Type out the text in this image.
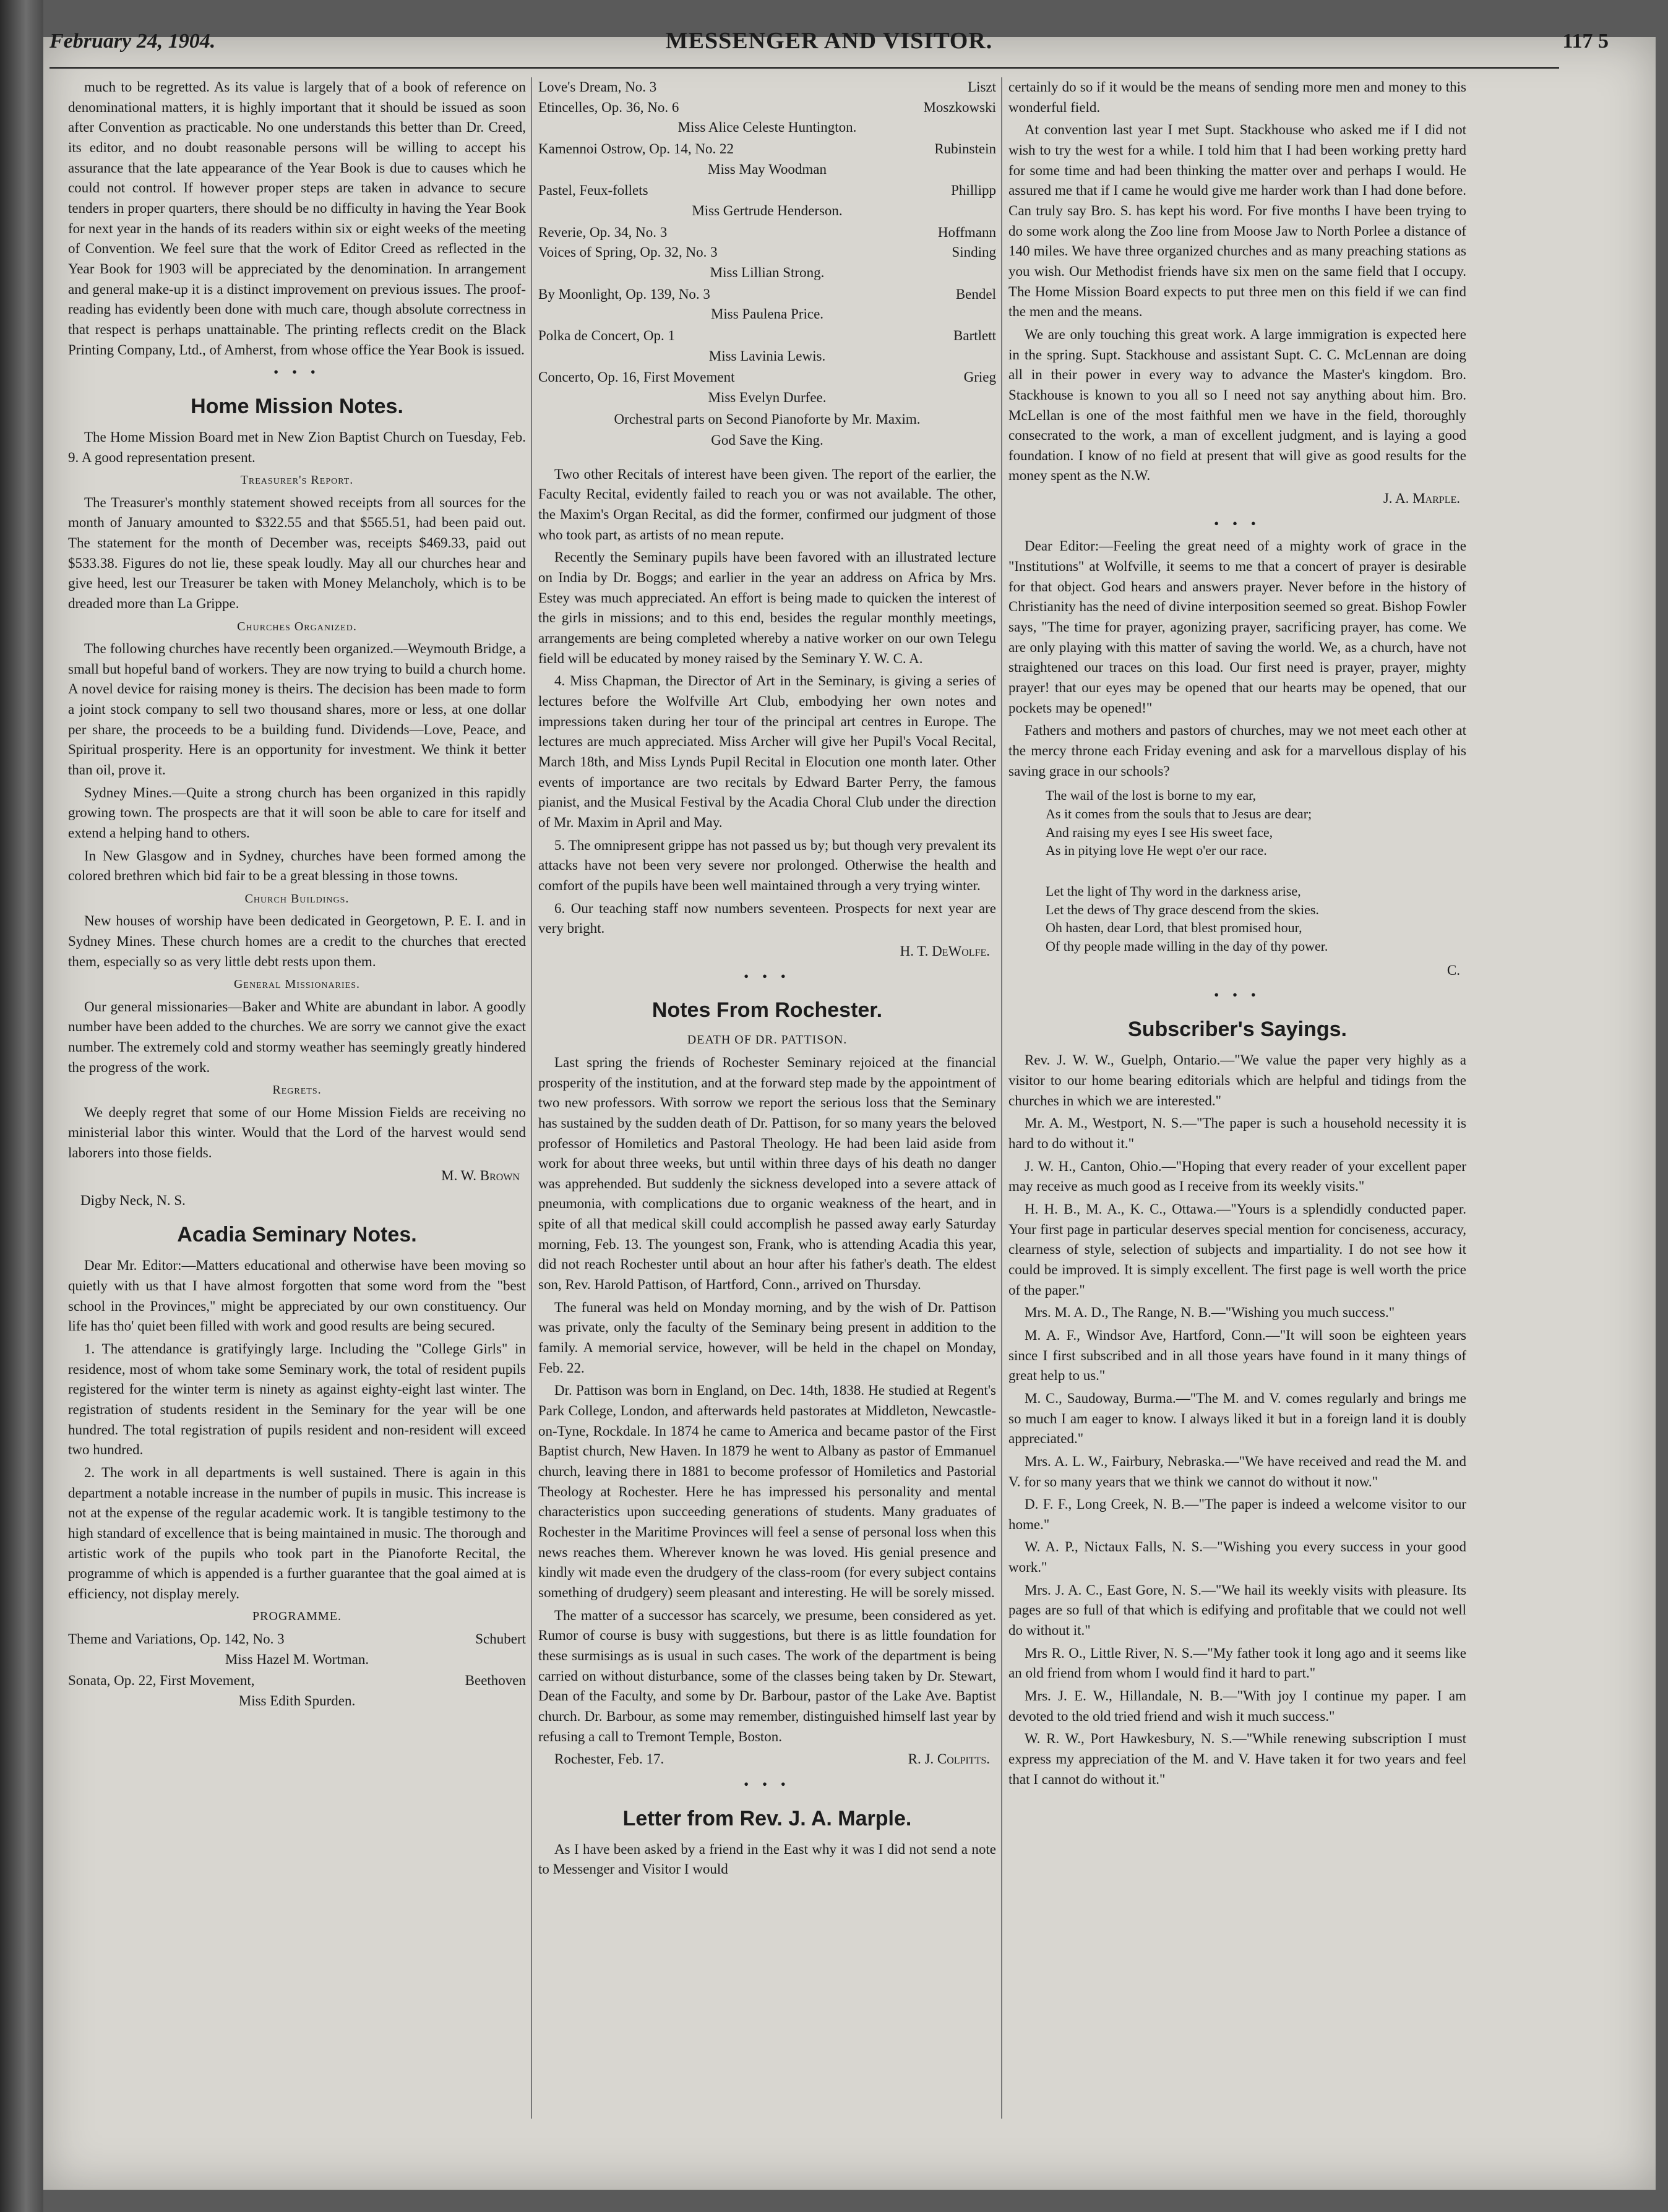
February 24, 1904.	MESSENGER AND VISITOR.	117 5

much to be regretted. As its value is largely that of a book of reference on denominational matters, it is highly important that it should be issued as soon after Convention as practicable. No one understands this better than Dr. Creed, its editor, and no doubt reasonable persons will be willing to accept his assurance that the late appearance of the Year Book is due to causes which he could not control. If however proper steps are taken in advance to secure tenders in proper quarters, there should be no difficulty in having the Year Book for next year in the hands of its readers within six or eight weeks of the meeting of Convention. We feel sure that the work of Editor Creed as reflected in the Year Book for 1903 will be appreciated by the denomination. In arrangement and general make-up it is a distinct improvement on previous issues. The proof-reading has evidently been done with much care, though absolute correctness in that respect is perhaps unattainable. The printing reflects credit on the Black Printing Company, Ltd., of Amherst, from whose office the Year Book is issued.

• • •
Home Mission Notes.

The Home Mission Board met in New Zion Baptist Church on Tuesday, Feb. 9. A good representation present.

Treasurer's Report.

The Treasurer's monthly statement showed receipts from all sources for the month of January amounted to $322.55 and that $565.51, had been paid out. The statement for the month of December was, receipts $469.33, paid out $533.38. Figures do not lie, these speak loudly. May all our churches hear and give heed, lest our Treasurer be taken with Money Melancholy, which is to be dreaded more than La Grippe.

Churches Organized.

The following churches have recently been organized.—Weymouth Bridge, a small but hopeful band of workers. They are now trying to build a church home. A novel device for raising money is theirs. The decision has been made to form a joint stock company to sell two thousand shares, more or less, at one dollar per share, the proceeds to be a building fund. Dividends—Love, Peace, and Spiritual prosperity. Here is an opportunity for investment. We think it better than oil, prove it.

Sydney Mines.—Quite a strong church has been organized in this rapidly growing town. The prospects are that it will soon be able to care for itself and extend a helping hand to others.

In New Glasgow and in Sydney, churches have been formed among the colored brethren which bid fair to be a great blessing in those towns.

Church Buildings.

New houses of worship have been dedicated in Georgetown, P. E. I. and in Sydney Mines. These church homes are a credit to the churches that erected them, especially so as very little debt rests upon them.

General Missionaries.

Our general missionaries—Baker and White are abundant in labor. A goodly number have been added to the churches. We are sorry we cannot give the exact number. The extremely cold and stormy weather has seemingly greatly hindered the progress of the work.

Regrets.

We deeply regret that some of our Home Mission Fields are receiving no ministerial labor this winter. Would that the Lord of the harvest would send laborers into those fields.

M. W. Brown
Digby Neck, N. S.
Acadia Seminary Notes.

Dear Mr. Editor:—Matters educational and otherwise have been moving so quietly with us that I have almost forgotten that some word from the "best school in the Provinces," might be appreciated by our own constituency. Our life has tho' quiet been filled with work and good results are being secured.

1. The attendance is gratifyingly large. Including the "College Girls" in residence, most of whom take some Seminary work, the total of resident pupils registered for the winter term is ninety as against eighty-eight last winter. The registration of students resident in the Seminary for the year will be one hundred. The total registration of pupils resident and non-resident will exceed two hundred.

2. The work in all departments is well sustained. There is again in this department a notable increase in the number of pupils in music. This increase is not at the expense of the regular academic work. It is tangible testimony to the high standard of excellence that is being maintained in music. The thorough and artistic work of the pupils who took part in the Pianoforte Recital, the programme of which is appended is a further guarantee that the goal aimed at is efficiency, not display merely.

PROGRAMME.
Theme and Variations, Op. 142, No. 3	Schubert
Miss Hazel M. Wortman.
Sonata, Op. 22, First Movement,	Beethoven
Miss Edith Spurden.
Love's Dream, No. 3	Liszt
Etincelles, Op. 36, No. 6	Moszkowski
Miss Alice Celeste Huntington.
Kamennoi Ostrow, Op. 14, No. 22	Rubinstein
Miss May Woodman
Pastel, Feux-follets	Phillipp
Miss Gertrude Henderson.
Reverie, Op. 34, No. 3	Hoffmann
Voices of Spring, Op. 32, No. 3	Sinding
Miss Lillian Strong.
By Moonlight, Op. 139, No. 3	Bendel
Miss Paulena Price.
Polka de Concert, Op. 1	Bartlett
Miss Lavinia Lewis.
Concerto, Op. 16, First Movement	Grieg
Miss Evelyn Durfee.
Orchestral parts on Second Pianoforte by Mr. Maxim.
God Save the King.

Two other Recitals of interest have been given. The report of the earlier, the Faculty Recital, evidently failed to reach you or was not available. The other, the Maxim's Organ Recital, as did the former, confirmed our judgment of those who took part, as artists of no mean repute.

Recently the Seminary pupils have been favored with an illustrated lecture on India by Dr. Boggs; and earlier in the year an address on Africa by Mrs. Estey was much appreciated. An effort is being made to quicken the interest of the girls in missions; and to this end, besides the regular monthly meetings, arrangements are being completed whereby a native worker on our own Telegu field will be educated by money raised by the Seminary Y. W. C. A.

4. Miss Chapman, the Director of Art in the Seminary, is giving a series of lectures before the Wolfville Art Club, embodying her own notes and impressions taken during her tour of the principal art centres in Europe. The lectures are much appreciated. Miss Archer will give her Pupil's Vocal Recital, March 18th, and Miss Lynds Pupil Recital in Elocution one month later. Other events of importance are two recitals by Edward Barter Perry, the famous pianist, and the Musical Festival by the Acadia Choral Club under the direction of Mr. Maxim in April and May.

5. The omnipresent grippe has not passed us by; but though very prevalent its attacks have not been very severe nor prolonged. Otherwise the health and comfort of the pupils have been well maintained through a very trying winter.

6. Our teaching staff now numbers seventeen. Prospects for next year are very bright.

H. T. DeWolfe.
• • •
Notes From Rochester.
DEATH OF DR. PATTISON.

Last spring the friends of Rochester Seminary rejoiced at the financial prosperity of the institution, and at the forward step made by the appointment of two new professors. With sorrow we report the serious loss that the Seminary has sustained by the sudden death of Dr. Pattison, for so many years the beloved professor of Homiletics and Pastoral Theology. He had been laid aside from work for about three weeks, but until within three days of his death no danger was apprehended. But suddenly the sickness developed into a severe attack of pneumonia, with complications due to organic weakness of the heart, and in spite of all that medical skill could accomplish he passed away early Saturday morning, Feb. 13. The youngest son, Frank, who is attending Acadia this year, did not reach Rochester until about an hour after his father's death. The eldest son, Rev. Harold Pattison, of Hartford, Conn., arrived on Thursday.

The funeral was held on Monday morning, and by the wish of Dr. Pattison was private, only the faculty of the Seminary being present in addition to the family. A memorial service, however, will be held in the chapel on Monday, Feb. 22.

Dr. Pattison was born in England, on Dec. 14th, 1838. He studied at Regent's Park College, London, and afterwards held pastorates at Middleton, Newcastle-on-Tyne, Rockdale. In 1874 he came to America and became pastor of the First Baptist church, New Haven. In 1879 he went to Albany as pastor of Emmanuel church, leaving there in 1881 to become professor of Homiletics and Pastorial Theology at Rochester. Here he has impressed his personality and mental characteristics upon succeeding generations of students. Many graduates of Rochester in the Maritime Provinces will feel a sense of personal loss when this news reaches them. Wherever known he was loved. His genial presence and kindly wit made even the drudgery of the class-room (for every subject contains something of drudgery) seem pleasant and interesting. He will be sorely missed.

The matter of a successor has scarcely, we presume, been considered as yet. Rumor of course is busy with suggestions, but there is as little foundation for these surmisings as is usual in such cases. The work of the department is being carried on without disturbance, some of the classes being taken by Dr. Stewart, Dean of the Faculty, and some by Dr. Barbour, pastor of the Lake Ave. Baptist church. Dr. Barbour, as some may remember, distinguished himself last year by refusing a call to Tremont Temple, Boston.

Rochester, Feb. 17.	R. J. Colpitts.
• • •
Letter from Rev. J. A. Marple.

As I have been asked by a friend in the East why it was I did not send a note to Messenger and Visitor I would

certainly do so if it would be the means of sending more men and money to this wonderful field.

At convention last year I met Supt. Stackhouse who asked me if I did not wish to try the west for a while. I told him that I had been working pretty hard for some time and had been thinking the matter over and perhaps I would. He assured me that if I came he would give me harder work than I had done before. Can truly say Bro. S. has kept his word. For five months I have been trying to do some work along the Zoo line from Moose Jaw to North Porlee a distance of 140 miles. We have three organized churches and as many preaching stations as you wish. Our Methodist friends have six men on the same field that I occupy. The Home Mission Board expects to put three men on this field if we can find the men and the means.

We are only touching this great work. A large immigration is expected here in the spring. Supt. Stackhouse and assistant Supt. C. C. McLennan are doing all in their power in every way to advance the Master's kingdom. Bro. Stackhouse is known to you all so I need not say anything about him. Bro. McLellan is one of the most faithful men we have in the field, thoroughly consecrated to the work, a man of excellent judgment, and is laying a good foundation. I know of no field at present that will give as good results for the money spent as the N.W.

J. A. Marple.
• • •

Dear Editor:—Feeling the great need of a mighty work of grace in the "Institutions" at Wolfville, it seems to me that a concert of prayer is desirable for that object. God hears and answers prayer. Never before in the history of Christianity has the need of divine interposition seemed so great. Bishop Fowler says, "The time for prayer, agonizing prayer, sacrificing prayer, has come. We are only playing with this matter of saving the world. We, as a church, have not straightened our traces on this load. Our first need is prayer, prayer, mighty prayer! that our eyes may be opened that our hearts may be opened, that our pockets may be opened!"

Fathers and mothers and pastors of churches, may we not meet each other at the mercy throne each Friday evening and ask for a marvellous display of his saving grace in our schools?

The wail of the lost is borne to my ear,
As it comes from the souls that to Jesus are dear;
And raising my eyes I see His sweet face,
As in pitying love He wept o'er our race.
Let the light of Thy word in the darkness arise,
Let the dews of Thy grace descend from the skies.
Oh hasten, dear Lord, that blest promised hour,
Of thy people made willing in the day of thy power.
C.
• • •
Subscriber's Sayings.

Rev. J. W. W., Guelph, Ontario.—"We value the paper very highly as a visitor to our home bearing editorials which are helpful and tidings from the churches in which we are interested."

Mr. A. M., Westport, N. S.—"The paper is such a household necessity it is hard to do without it."

J. W. H., Canton, Ohio.—"Hoping that every reader of your excellent paper may receive as much good as I receive from its weekly visits."

H. H. B., M. A., K. C., Ottawa.—"Yours is a splendidly conducted paper. Your first page in particular deserves special mention for conciseness, accuracy, clearness of style, selection of subjects and impartiality. I do not see how it could be improved. It is simply excellent. The first page is well worth the price of the paper."

Mrs. M. A. D., The Range, N. B.—"Wishing you much success."

M. A. F., Windsor Ave, Hartford, Conn.—"It will soon be eighteen years since I first subscribed and in all those years have found in it many things of great help to us."

M. C., Saudoway, Burma.—"The M. and V. comes regularly and brings me so much I am eager to know. I always liked it but in a foreign land it is doubly appreciated."

Mrs. A. L. W., Fairbury, Nebraska.—"We have received and read the M. and V. for so many years that we think we cannot do without it now."

D. F. F., Long Creek, N. B.—"The paper is indeed a welcome visitor to our home."

W. A. P., Nictaux Falls, N. S.—"Wishing you every success in your good work."

Mrs. J. A. C., East Gore, N. S.—"We hail its weekly visits with pleasure. Its pages are so full of that which is edifying and profitable that we could not well do without it."

Mrs R. O., Little River, N. S.—"My father took it long ago and it seems like an old friend from whom I would find it hard to part."

Mrs. J. E. W., Hillandale, N. B.—"With joy I continue my paper. I am devoted to the old tried friend and wish it much success."

W. R. W., Port Hawkesbury, N. S.—"While renewing subscription I must express my appreciation of the M. and V. Have taken it for two years and feel that I cannot do without it."
